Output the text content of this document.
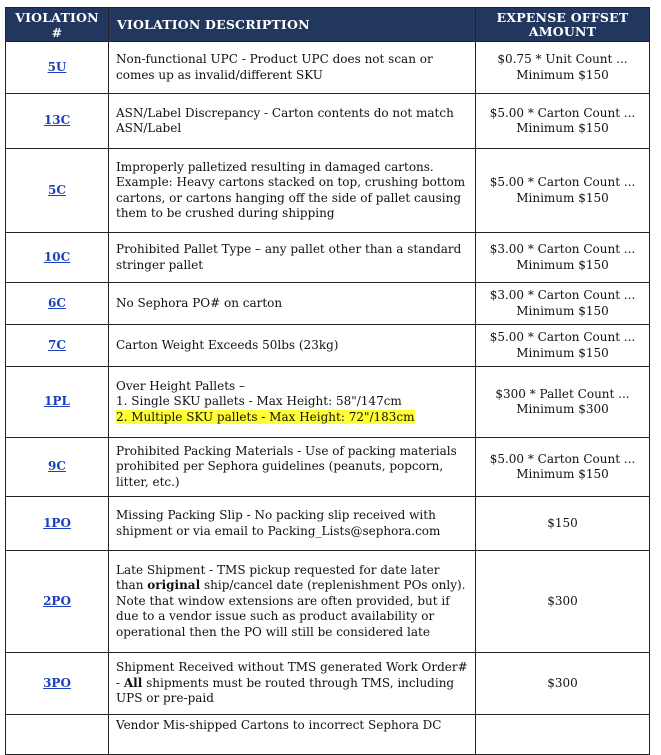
VIOLATION #	VIOLATION DESCRIPTION	EXPENSE OFFSET
AMOUNT
5U	Non-functional UPC - Product UPC does not scan or comes up as invalid/different SKU	$0.75 * Unit Count ...
Minimum $150
13C	ASN/Label Discrepancy - Carton contents do not match ASN/Label	$5.00 * Carton Count ...
Minimum $150
5C	Improperly palletized resulting in damaged cartons. Example: Heavy cartons stacked on top, crushing bottom cartons, or cartons hanging off the side of pallet causing them to be crushed during shipping	$5.00 * Carton Count ...
Minimum $150
10C	Prohibited Pallet Type – any pallet other than a standard stringer pallet	$3.00 * Carton Count ...
Minimum $150
6C	No Sephora PO# on carton	$3.00 * Carton Count ...
Minimum $150
7C	Carton Weight Exceeds 50lbs (23kg)	$5.00 * Carton Count ...
Minimum $150
1PL	Over Height Pallets –
1. Single SKU pallets - Max Height: 58"/147cm
2. Multiple SKU pallets - Max Height: 72"/183cm	$300 * Pallet Count ...
Minimum $300
9C	Prohibited Packing Materials - Use of packing materials prohibited per Sephora guidelines (peanuts, popcorn, litter, etc.)	$5.00 * Carton Count ...
Minimum $150
1PO	Missing Packing Slip - No packing slip received with shipment or via email to Packing_Lists@sephora.com	$150
2PO	Late Shipment - TMS pickup requested for date later than original ship/cancel date (replenishment POs only). Note that window extensions are often provided, but if due to a vendor issue such as product availability or operational then the PO will still be considered late	$300
3PO	Shipment Received without TMS generated Work Order# - All shipments must be routed through TMS, including UPS or pre-paid	$300
	Vendor Mis-shipped Cartons to incorrect Sephora DC	
